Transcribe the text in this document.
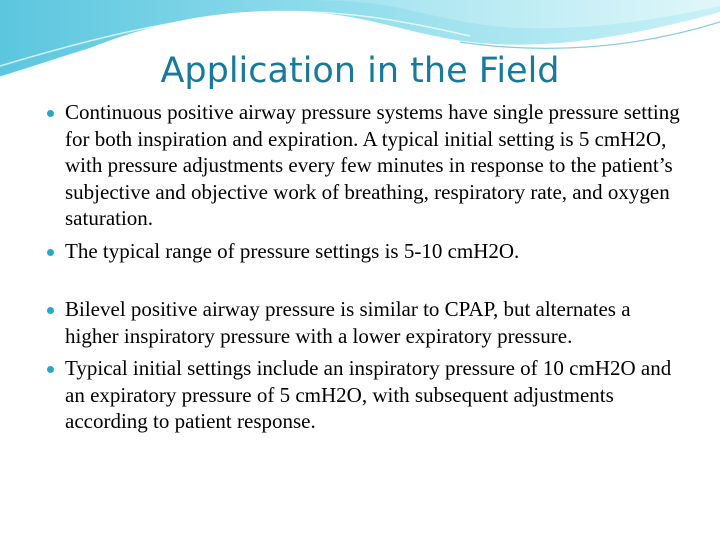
Application in the Field
Continuous positive airway pressure systems have single pressure setting for both inspiration and expiration. A typical initial setting is 5 cmH2O, with pressure adjustments every few minutes in response to the patient’s subjective and objective work of breathing, respiratory rate, and oxygen saturation.
The typical range of pressure settings is 5-10 cmH2O.
Bilevel positive airway pressure is similar to CPAP, but alternates a higher inspiratory pressure with a lower expiratory pressure.
Typical initial settings include an inspiratory pressure of 10 cmH2O and an expiratory pressure of 5 cmH2O, with subsequent adjustments according to patient response.
